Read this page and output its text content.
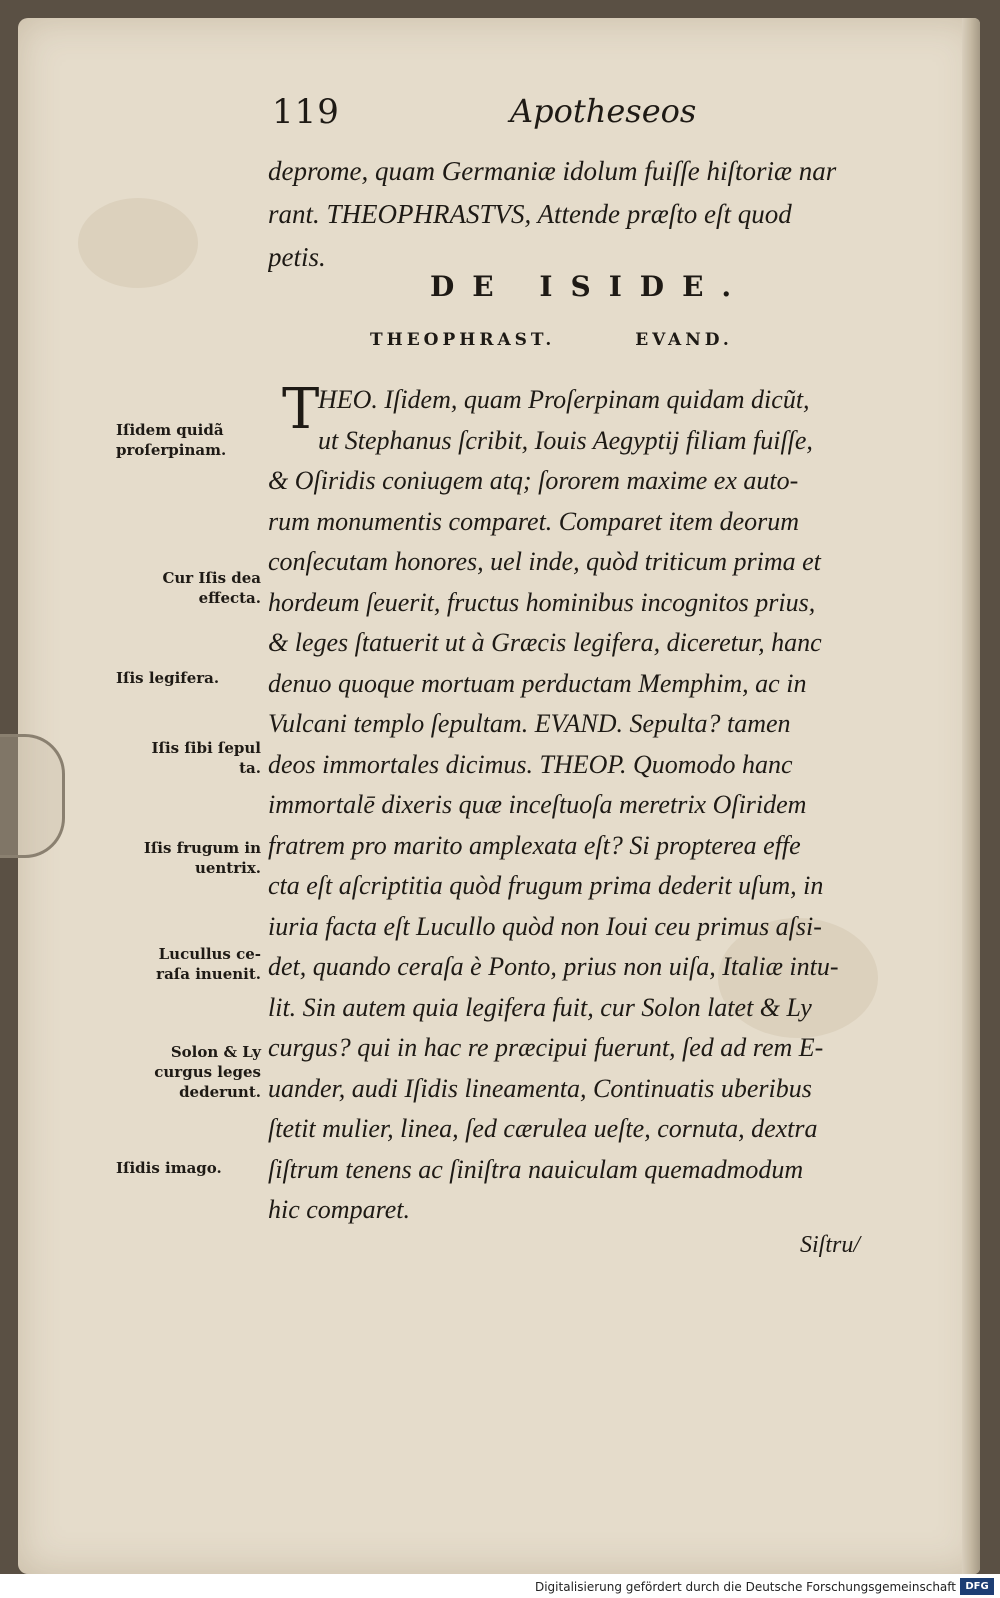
119	Apotheseos
deprome, quam Germaniæ idolum fuiſſe hiſtoriæ nar
rant. THEOPHRASTVS, Attende præſto eſt quod
petis.
DE ISIDE.
THEOPHRAST.	EVAND.
T
HEO. Iſidem, quam Proſerpinam quidam dicũt,
ut Stephanus ſcribit, Iouis Aegyptij filiam fuiſſe,
& Oſiridis coniugem atq; ſororem maxime ex auto-
rum monumentis comparet. Comparet item deorum
conſecutam honores, uel inde, quòd triticum prima et
hordeum ſeuerit, fructus hominibus incognitos prius,
& leges ſtatuerit ut à Græcis legifera, diceretur, hanc
denuo quoque mortuam perductam Memphim, ac in
Vulcani templo ſepultam. EVAND. Sepulta? tamen
deos immortales dicimus. THEOP. Quomodo hanc
immortalē dixeris quæ inceſtuoſa meretrix Oſiridem
fratrem pro marito amplexata eſt? Si propterea effe
cta eſt aſcriptitia quòd frugum prima dederit uſum, in
iuria facta eſt Lucullo quòd non Ioui ceu primus aſsi-
det, quando ceraſa è Ponto, prius non uiſa, Italiæ intu-
lit. Sin autem quia legifera fuit, cur Solon latet & Ly
curgus? qui in hac re præcipui fuerunt, ſed ad rem E-
uander, audi Iſidis lineamenta, Continuatis uberibus
ſtetit mulier, linea, ſed cærulea ueſte, cornuta, dextra
ſiſtrum tenens ac ſiniſtra nauiculam quemadmodum
hic comparet.
Iſidem quidã
proſerpinam.
Cur Iſis dea
effecta.
Iſis legifera.
Iſis ſibi ſepul
ta.
Iſis frugum in
uentrix.
Lucullus ce-
raſa inuenit.
Solon & Ly
curgus leges
dederunt.
Iſidis imago.
Siſtru/
Digitalisierung gefördert durch die Deutsche Forschungsgemeinschaft DFG
